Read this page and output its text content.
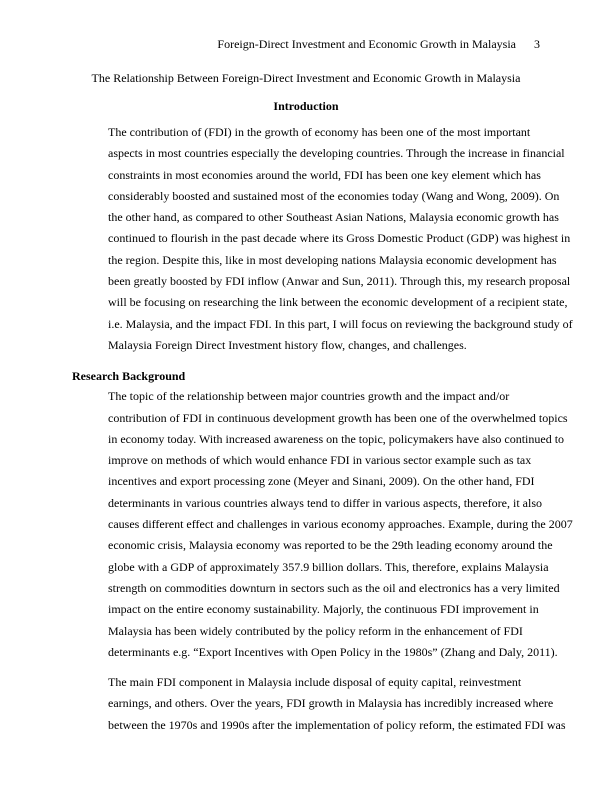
Foreign-Direct Investment and Economic Growth in Malaysia 3
The Relationship Between Foreign-Direct Investment and Economic Growth in Malaysia
Introduction

The contribution of (FDI) in the growth of economy has been one of the most important
aspects in most countries especially the developing countries. Through the increase in financial
constraints in most economies around the world, FDI has been one key element which has
considerably boosted and sustained most of the economies today (Wang and Wong, 2009). On
the other hand, as compared to other Southeast Asian Nations, Malaysia economic growth has
continued to flourish in the past decade where its Gross Domestic Product (GDP) was highest in
the region. Despite this, like in most developing nations Malaysia economic development has
been greatly boosted by FDI inflow (Anwar and Sun, 2011). Through this, my research proposal
will be focusing on researching the link between the economic development of a recipient state,
i.e. Malaysia, and the impact FDI. In this part, I will focus on reviewing the background study of
Malaysia Foreign Direct Investment history flow, changes, and challenges.

Research Background

The topic of the relationship between major countries growth and the impact and/or
contribution of FDI in continuous development growth has been one of the overwhelmed topics
in economy today. With increased awareness on the topic, policymakers have also continued to
improve on methods of which would enhance FDI in various sector example such as tax
incentives and export processing zone (Meyer and Sinani, 2009). On the other hand, FDI
determinants in various countries always tend to differ in various aspects, therefore, it also
causes different effect and challenges in various economy approaches. Example, during the 2007
economic crisis, Malaysia economy was reported to be the 29th leading economy around the
globe with a GDP of approximately 357.9 billion dollars. This, therefore, explains Malaysia
strength on commodities downturn in sectors such as the oil and electronics has a very limited
impact on the entire economy sustainability. Majorly, the continuous FDI improvement in
Malaysia has been widely contributed by the policy reform in the enhancement of FDI
determinants e.g. “Export Incentives with Open Policy in the 1980s” (Zhang and Daly, 2011).

The main FDI component in Malaysia include disposal of equity capital, reinvestment
earnings, and others. Over the years, FDI growth in Malaysia has incredibly increased where
between the 1970s and 1990s after the implementation of policy reform, the estimated FDI was
